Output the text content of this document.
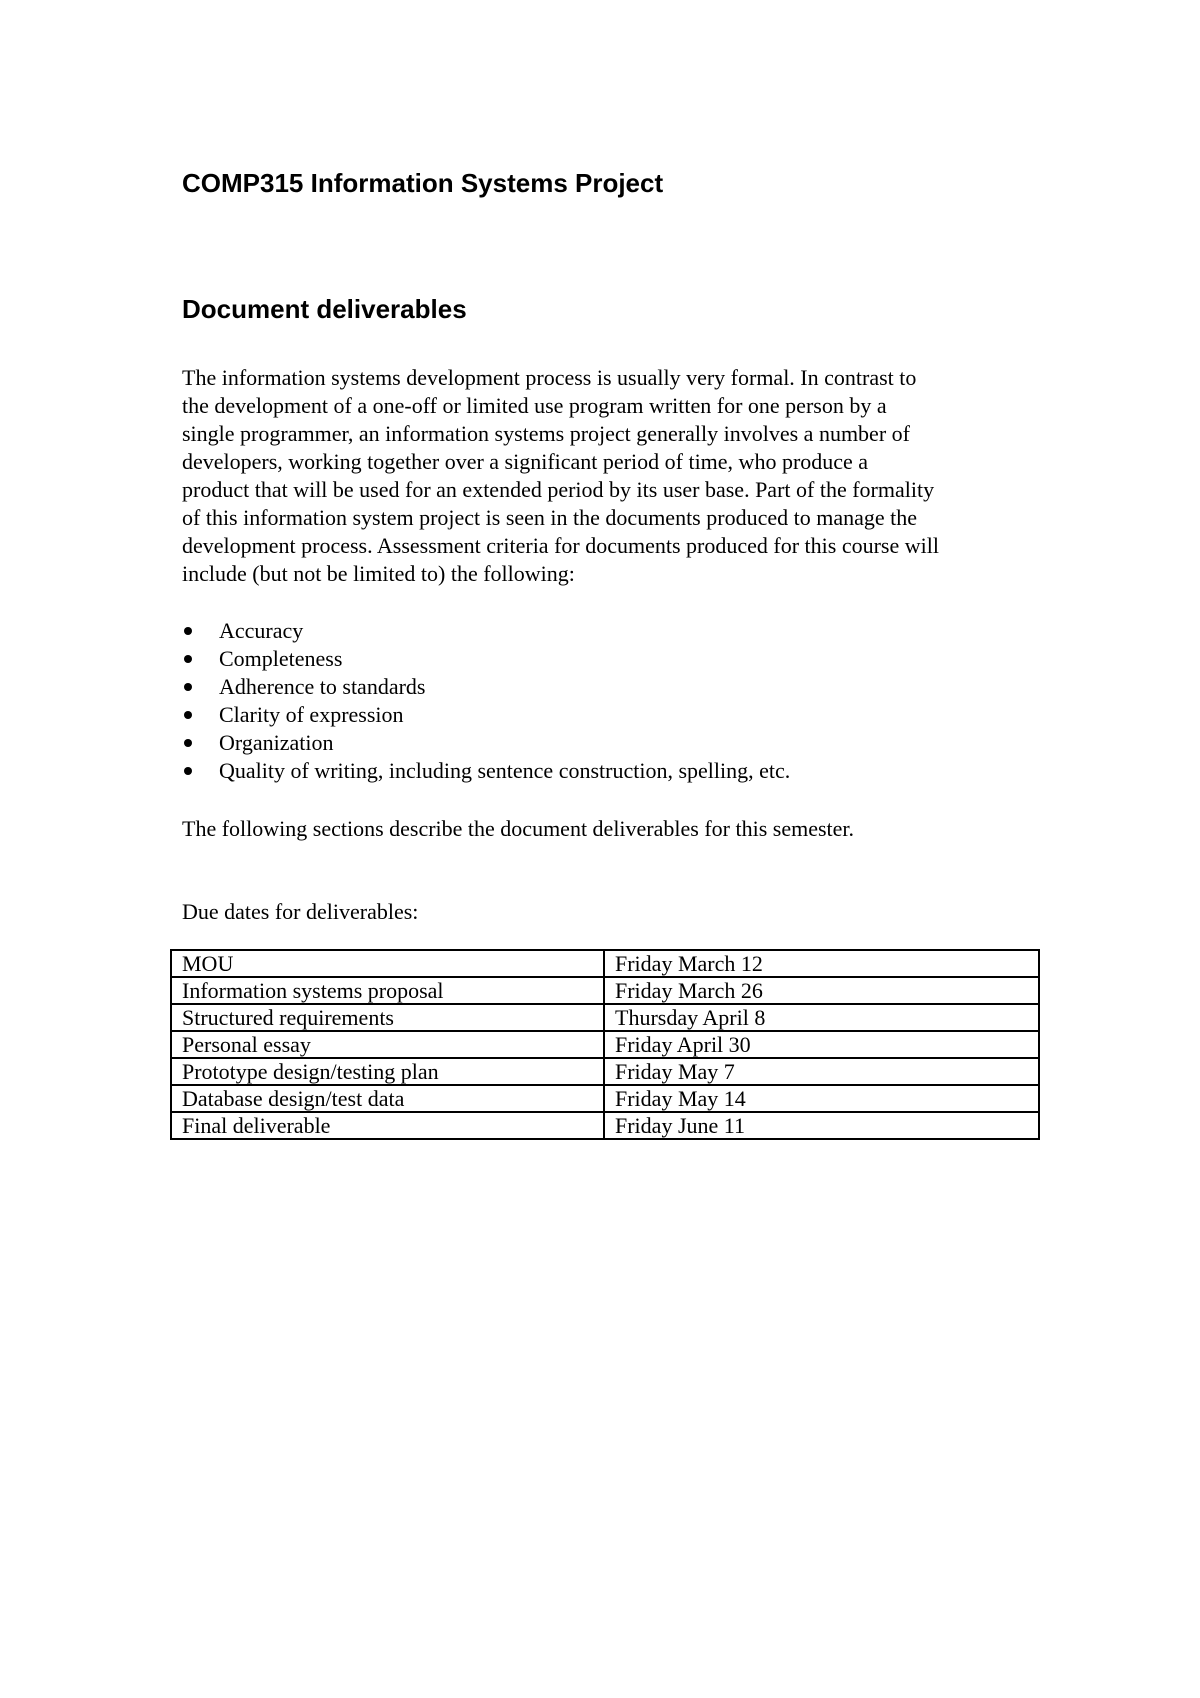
COMP315 Information Systems Project
Document deliverables

The information systems development process is usually very formal. In contrast to
the development of a one-off or limited use program written for one person by a
single programmer, an information systems project generally involves a number of
developers, working together over a significant period of time, who produce a
product that will be used for an extended period by its user base. Part of the formality
of this information system project is seen in the documents produced to manage the
development process. Assessment criteria for documents produced for this course will
include (but not be limited to) the following:

Accuracy
Completeness
Adherence to standards
Clarity of expression
Organization
Quality of writing, including sentence construction, spelling, etc.

The following sections describe the document deliverables for this semester.

Due dates for deliverables:

MOU	Friday March 12
Information systems proposal	Friday March 26
Structured requirements	Thursday April 8
Personal essay	Friday April 30
Prototype design/testing plan	Friday May 7
Database design/test data	Friday May 14
Final deliverable	Friday June 11
